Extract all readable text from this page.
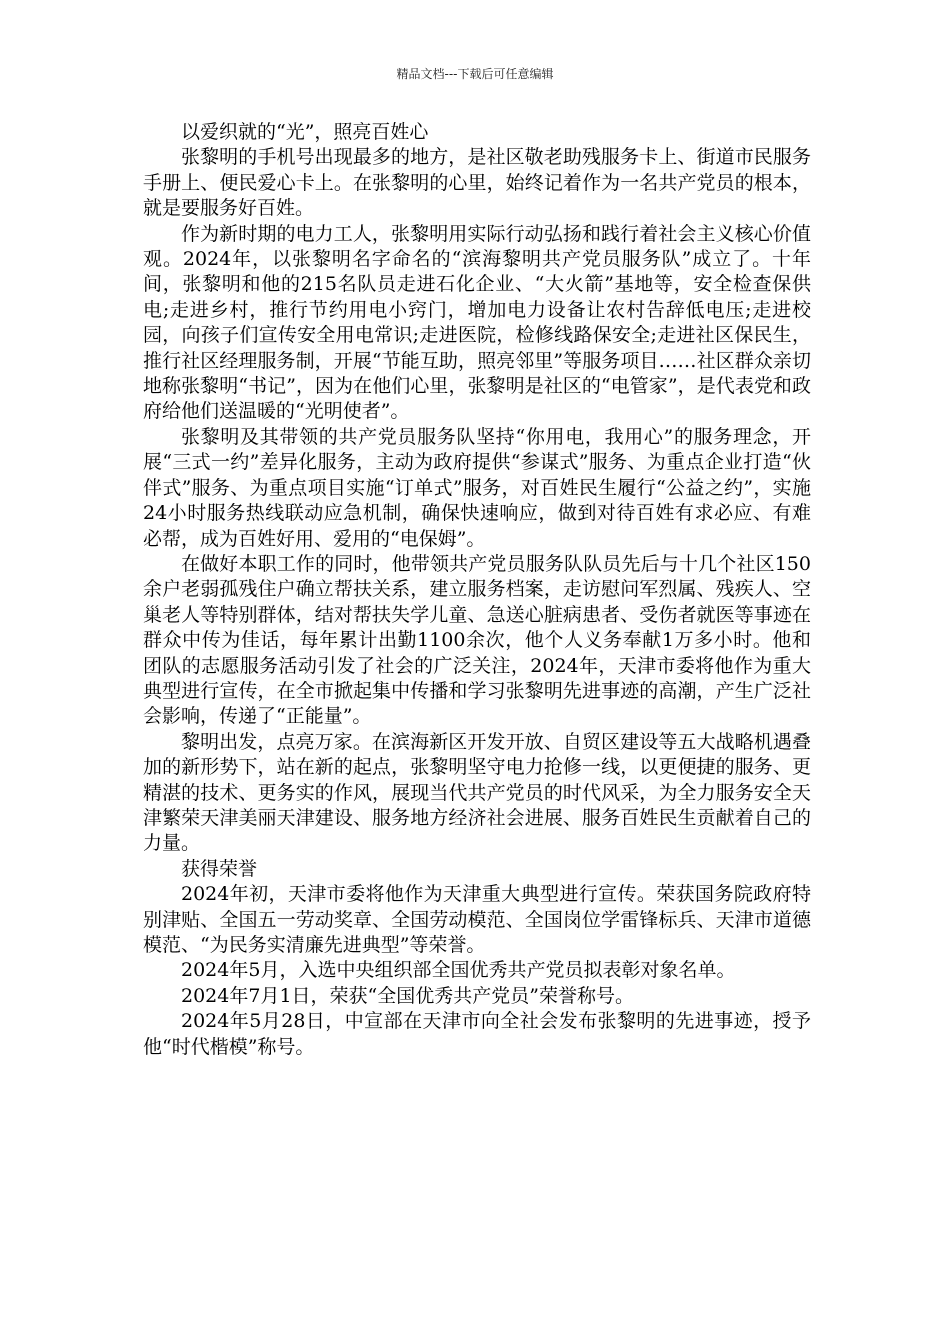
精品文档---下载后可任意编辑

以爱织就的“光”，照亮百姓心

张黎明的手机号出现最多的地方，是社区敬老助残服务卡上、街道市民服务手册上、便民爱心卡上。在张黎明的心里，始终记着作为一名共产党员的根本，就是要服务好百姓。

作为新时期的电力工人，张黎明用实际行动弘扬和践行着社会主义核心价值观。2024年，以张黎明名字命名的“滨海黎明共产党员服务队”成立了。十年间，张黎明和他的215名队员走进石化企业、“大火箭”基地等，安全检查保供电;走进乡村，推行节约用电小窍门，增加电力设备让农村告辞低电压;走进校园，向孩子们宣传安全用电常识;走进医院，检修线路保安全;走进社区保民生，推行社区经理服务制，开展“节能互助，照亮邻里”等服务项目……社区群众亲切地称张黎明“书记”，因为在他们心里，张黎明是社区的“电管家”，是代表党和政府给他们送温暖的“光明使者”。

张黎明及其带领的共产党员服务队坚持“你用电，我用心”的服务理念，开展“三式一约”差异化服务，主动为政府提供“参谋式”服务、为重点企业打造“伙伴式”服务、为重点项目实施“订单式”服务，对百姓民生履行“公益之约”，实施24小时服务热线联动应急机制，确保快速响应，做到对待百姓有求必应、有难必帮，成为百姓好用、爱用的“电保姆”。

在做好本职工作的同时，他带领共产党员服务队队员先后与十几个社区150余户老弱孤残住户确立帮扶关系，建立服务档案，走访慰问军烈属、残疾人、空巢老人等特别群体，结对帮扶失学儿童、急送心脏病患者、受伤者就医等事迹在群众中传为佳话，每年累计出勤1100余次，他个人义务奉献1万多小时。他和团队的志愿服务活动引发了社会的广泛关注，2024年，天津市委将他作为重大典型进行宣传，在全市掀起集中传播和学习张黎明先进事迹的高潮，产生广泛社会影响，传递了“正能量”。

黎明出发，点亮万家。在滨海新区开发开放、自贸区建设等五大战略机遇叠加的新形势下，站在新的起点，张黎明坚守电力抢修一线，以更便捷的服务、更精湛的技术、更务实的作风，展现当代共产党员的时代风采，为全力服务安全天津繁荣天津美丽天津建设、服务地方经济社会进展、服务百姓民生贡献着自己的力量。

获得荣誉

2024年初，天津市委将他作为天津重大典型进行宣传。荣获国务院政府特别津贴、全国五一劳动奖章、全国劳动模范、全国岗位学雷锋标兵、天津市道德模范、“为民务实清廉先进典型”等荣誉。

2024年5月，入选中央组织部全国优秀共产党员拟表彰对象名单。

2024年7月1日，荣获“全国优秀共产党员”荣誉称号。

2024年5月28日，中宣部在天津市向全社会发布张黎明的先进事迹，授予他“时代楷模”称号。
